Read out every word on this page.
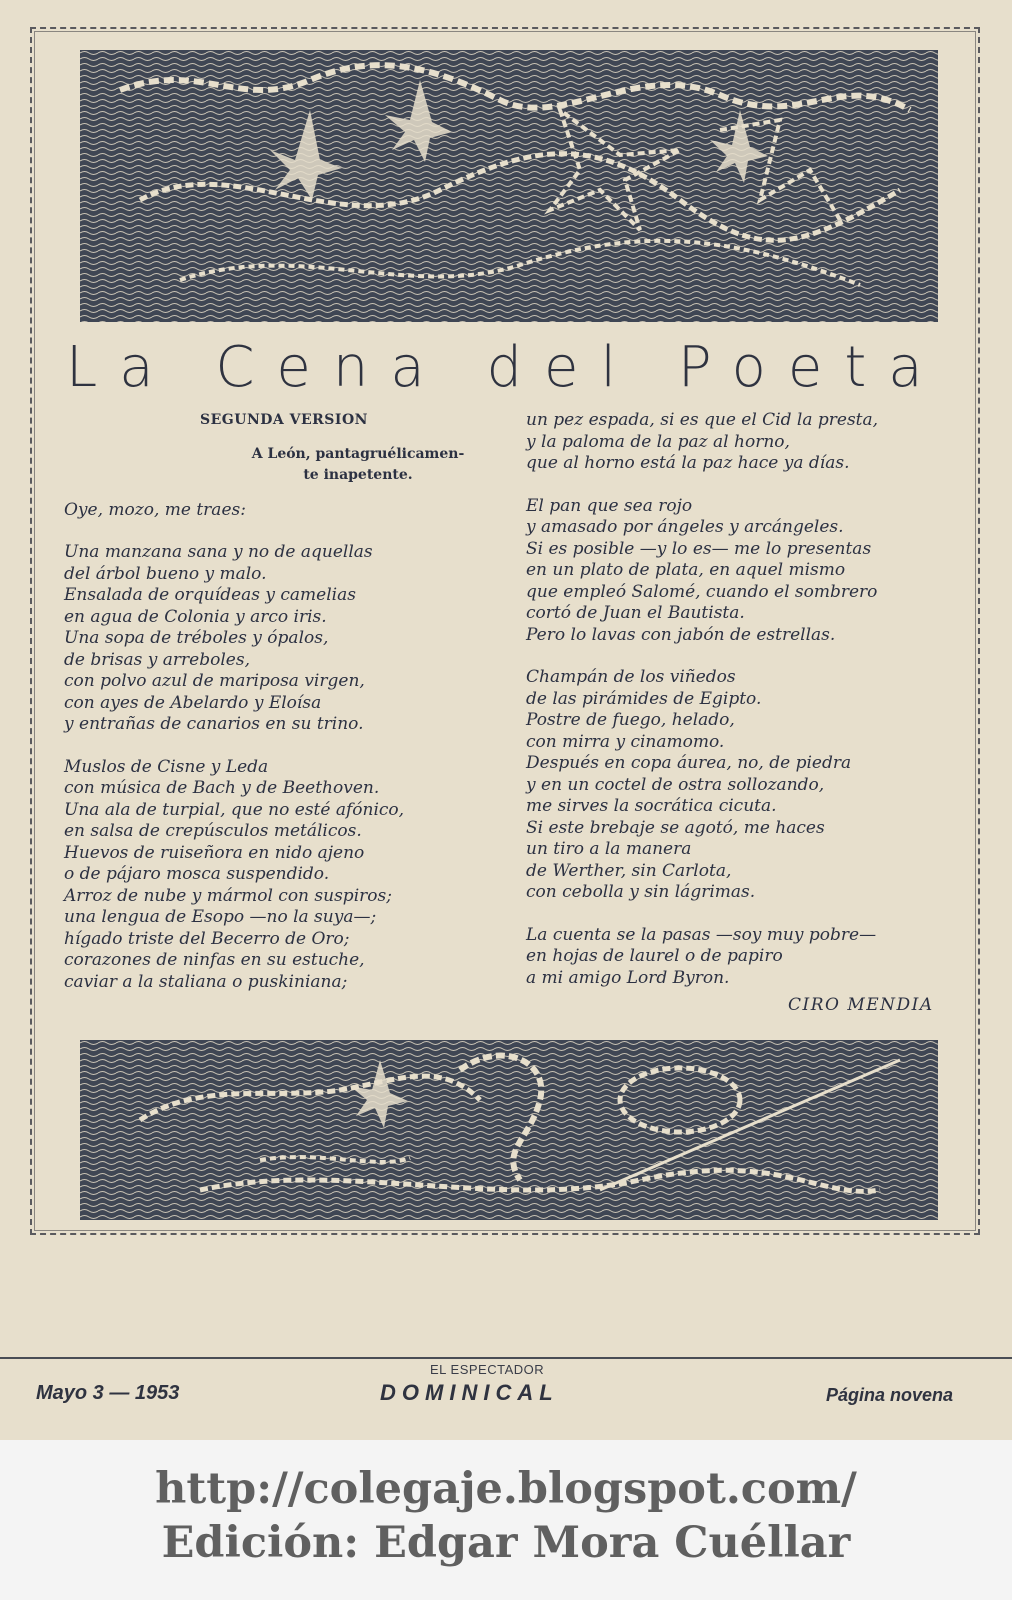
La Cena del Poeta
SEGUNDA VERSION
A León, pantagruélicamen-
te inapetente.
Oye, mozo, me traes:
Una manzana sana y no de aquellas
del árbol bueno y malo.
Ensalada de orquídeas y camelias
en agua de Colonia y arco iris.
Una sopa de tréboles y ópalos,
de brisas y arreboles,
con polvo azul de mariposa virgen,
con ayes de Abelardo y Eloísa
y entrañas de canarios en su trino.
Muslos de Cisne y Leda
con música de Bach y de Beethoven.
Una ala de turpial, que no esté afónico,
en salsa de crepúsculos metálicos.
Huevos de ruiseñora en nido ajeno
o de pájaro mosca suspendido.
Arroz de nube y mármol con suspiros;
una lengua de Esopo —no la suya—;
hígado triste del Becerro de Oro;
corazones de ninfas en su estuche,
caviar a la staliana o puskiniana;
un pez espada, si es que el Cid la presta,
y la paloma de la paz al horno,
que al horno está la paz hace ya días.
El pan que sea rojo
y amasado por ángeles y arcángeles.
Si es posible —y lo es— me lo presentas
en un plato de plata, en aquel mismo
que empleó Salomé, cuando el sombrero
cortó de Juan el Bautista.
Pero lo lavas con jabón de estrellas.
Champán de los viñedos
de las pirámides de Egipto.
Postre de fuego, helado,
con mirra y cinamomo.
Después en copa áurea, no, de piedra
y en un coctel de ostra sollozando,
me sirves la socrática cicuta.
Si este brebaje se agotó, me haces
un tiro a la manera
de Werther, sin Carlota,
con cebolla y sin lágrimas.
La cuenta se la pasas —soy muy pobre—
en hojas de laurel o de papiro
a mi amigo Lord Byron.
CIRO MENDIA
Mayo 3 — 1953
EL ESPECTADOR
DOMINICAL	Página novena
http://colegaje.blogspot.com/
Edición: Edgar Mora Cuéllar
